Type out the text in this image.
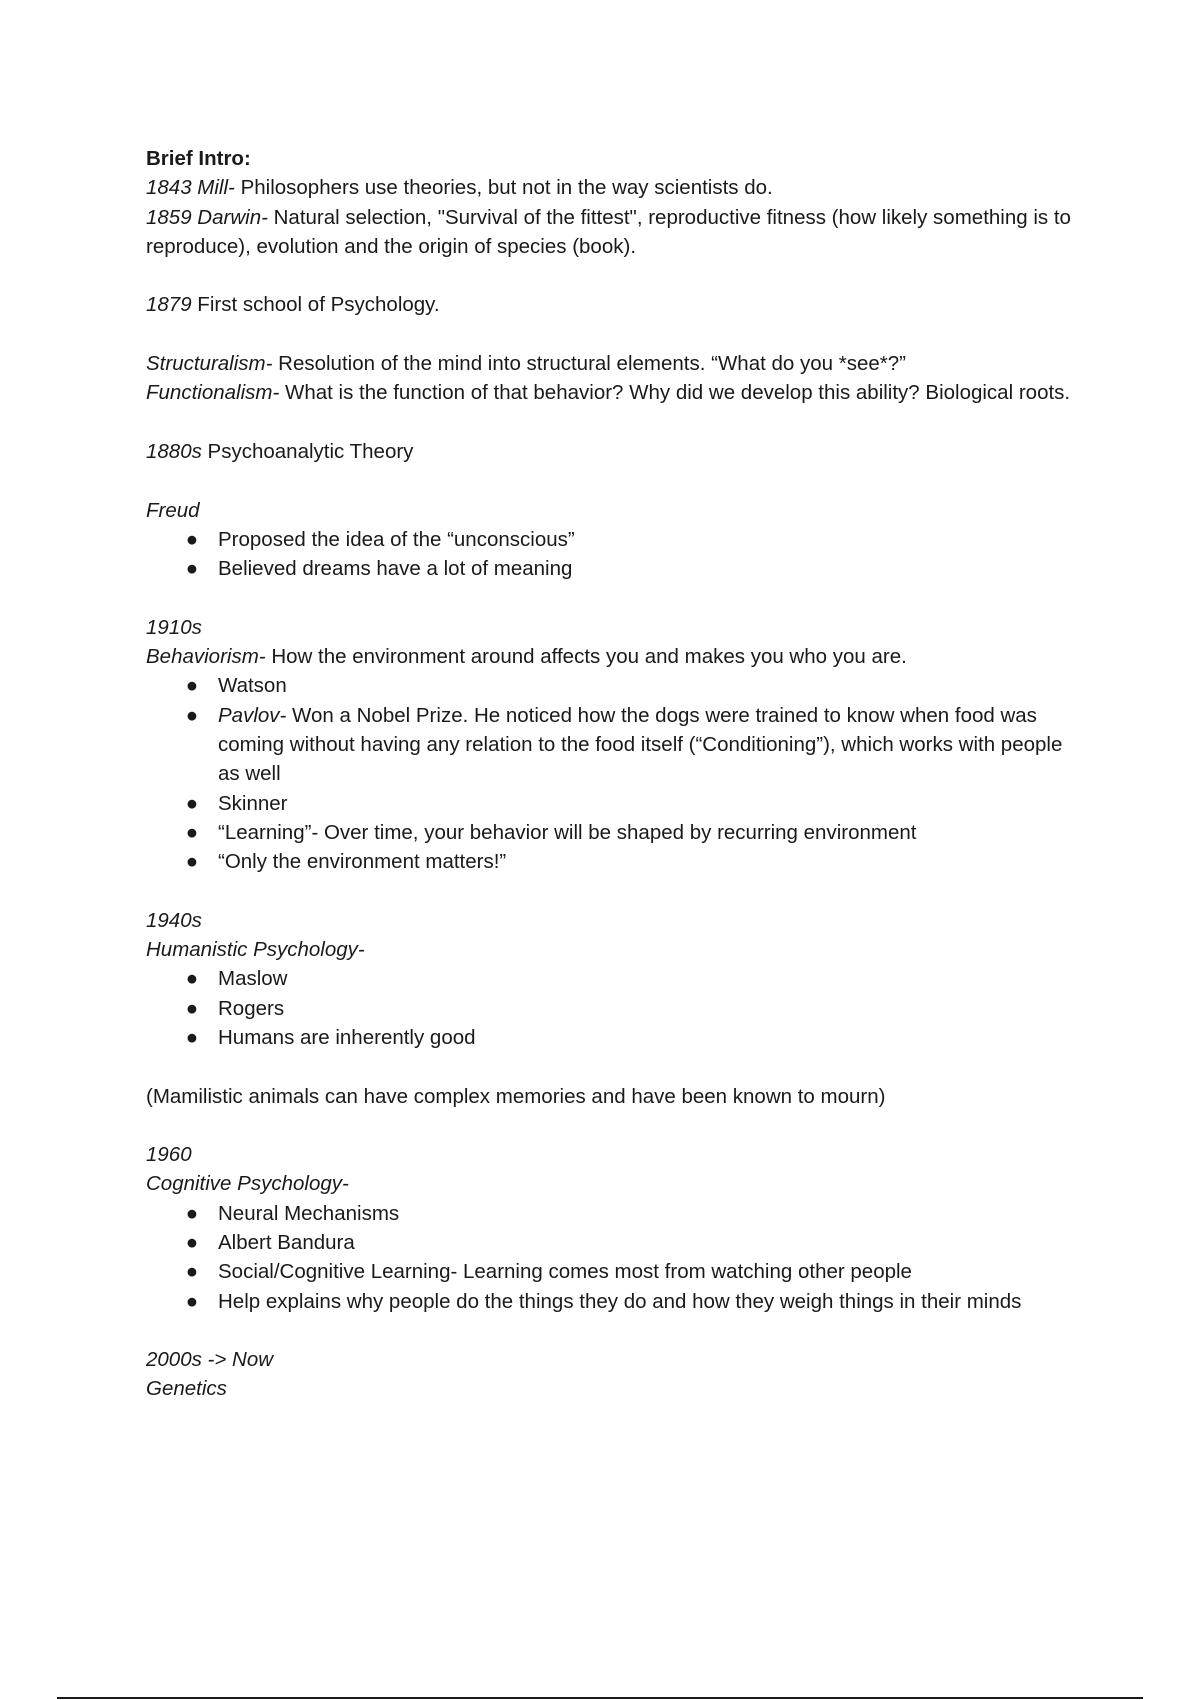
Brief Intro:
1843 Mill- Philosophers use theories, but not in the way scientists do.
1859 Darwin- Natural selection, "Survival of the fittest", reproductive fitness (how likely something is to reproduce), evolution and the origin of species (book).
1879 First school of Psychology.
Structuralism- Resolution of the mind into structural elements. “What do you *see*?”
Functionalism- What is the function of that behavior? Why did we develop this ability? Biological roots.
1880s Psychoanalytic Theory
Freud
● Proposed the idea of the “unconscious”
● Believed dreams have a lot of meaning
1910s
Behaviorism- How the environment around affects you and makes you who you are.
● Watson
● Pavlov- Won a Nobel Prize. He noticed how the dogs were trained to know when food was coming without having any relation to the food itself (“Conditioning”), which works with people as well
● Skinner
● “Learning”- Over time, your behavior will be shaped by recurring environment
● “Only the environment matters!”
1940s
Humanistic Psychology-
● Maslow
● Rogers
● Humans are inherently good
(Mamilistic animals can have complex memories and have been known to mourn)
1960
Cognitive Psychology-
● Neural Mechanisms
● Albert Bandura
● Social/Cognitive Learning- Learning comes most from watching other people
● Help explains why people do the things they do and how they weigh things in their minds
2000s -> Now
Genetics
